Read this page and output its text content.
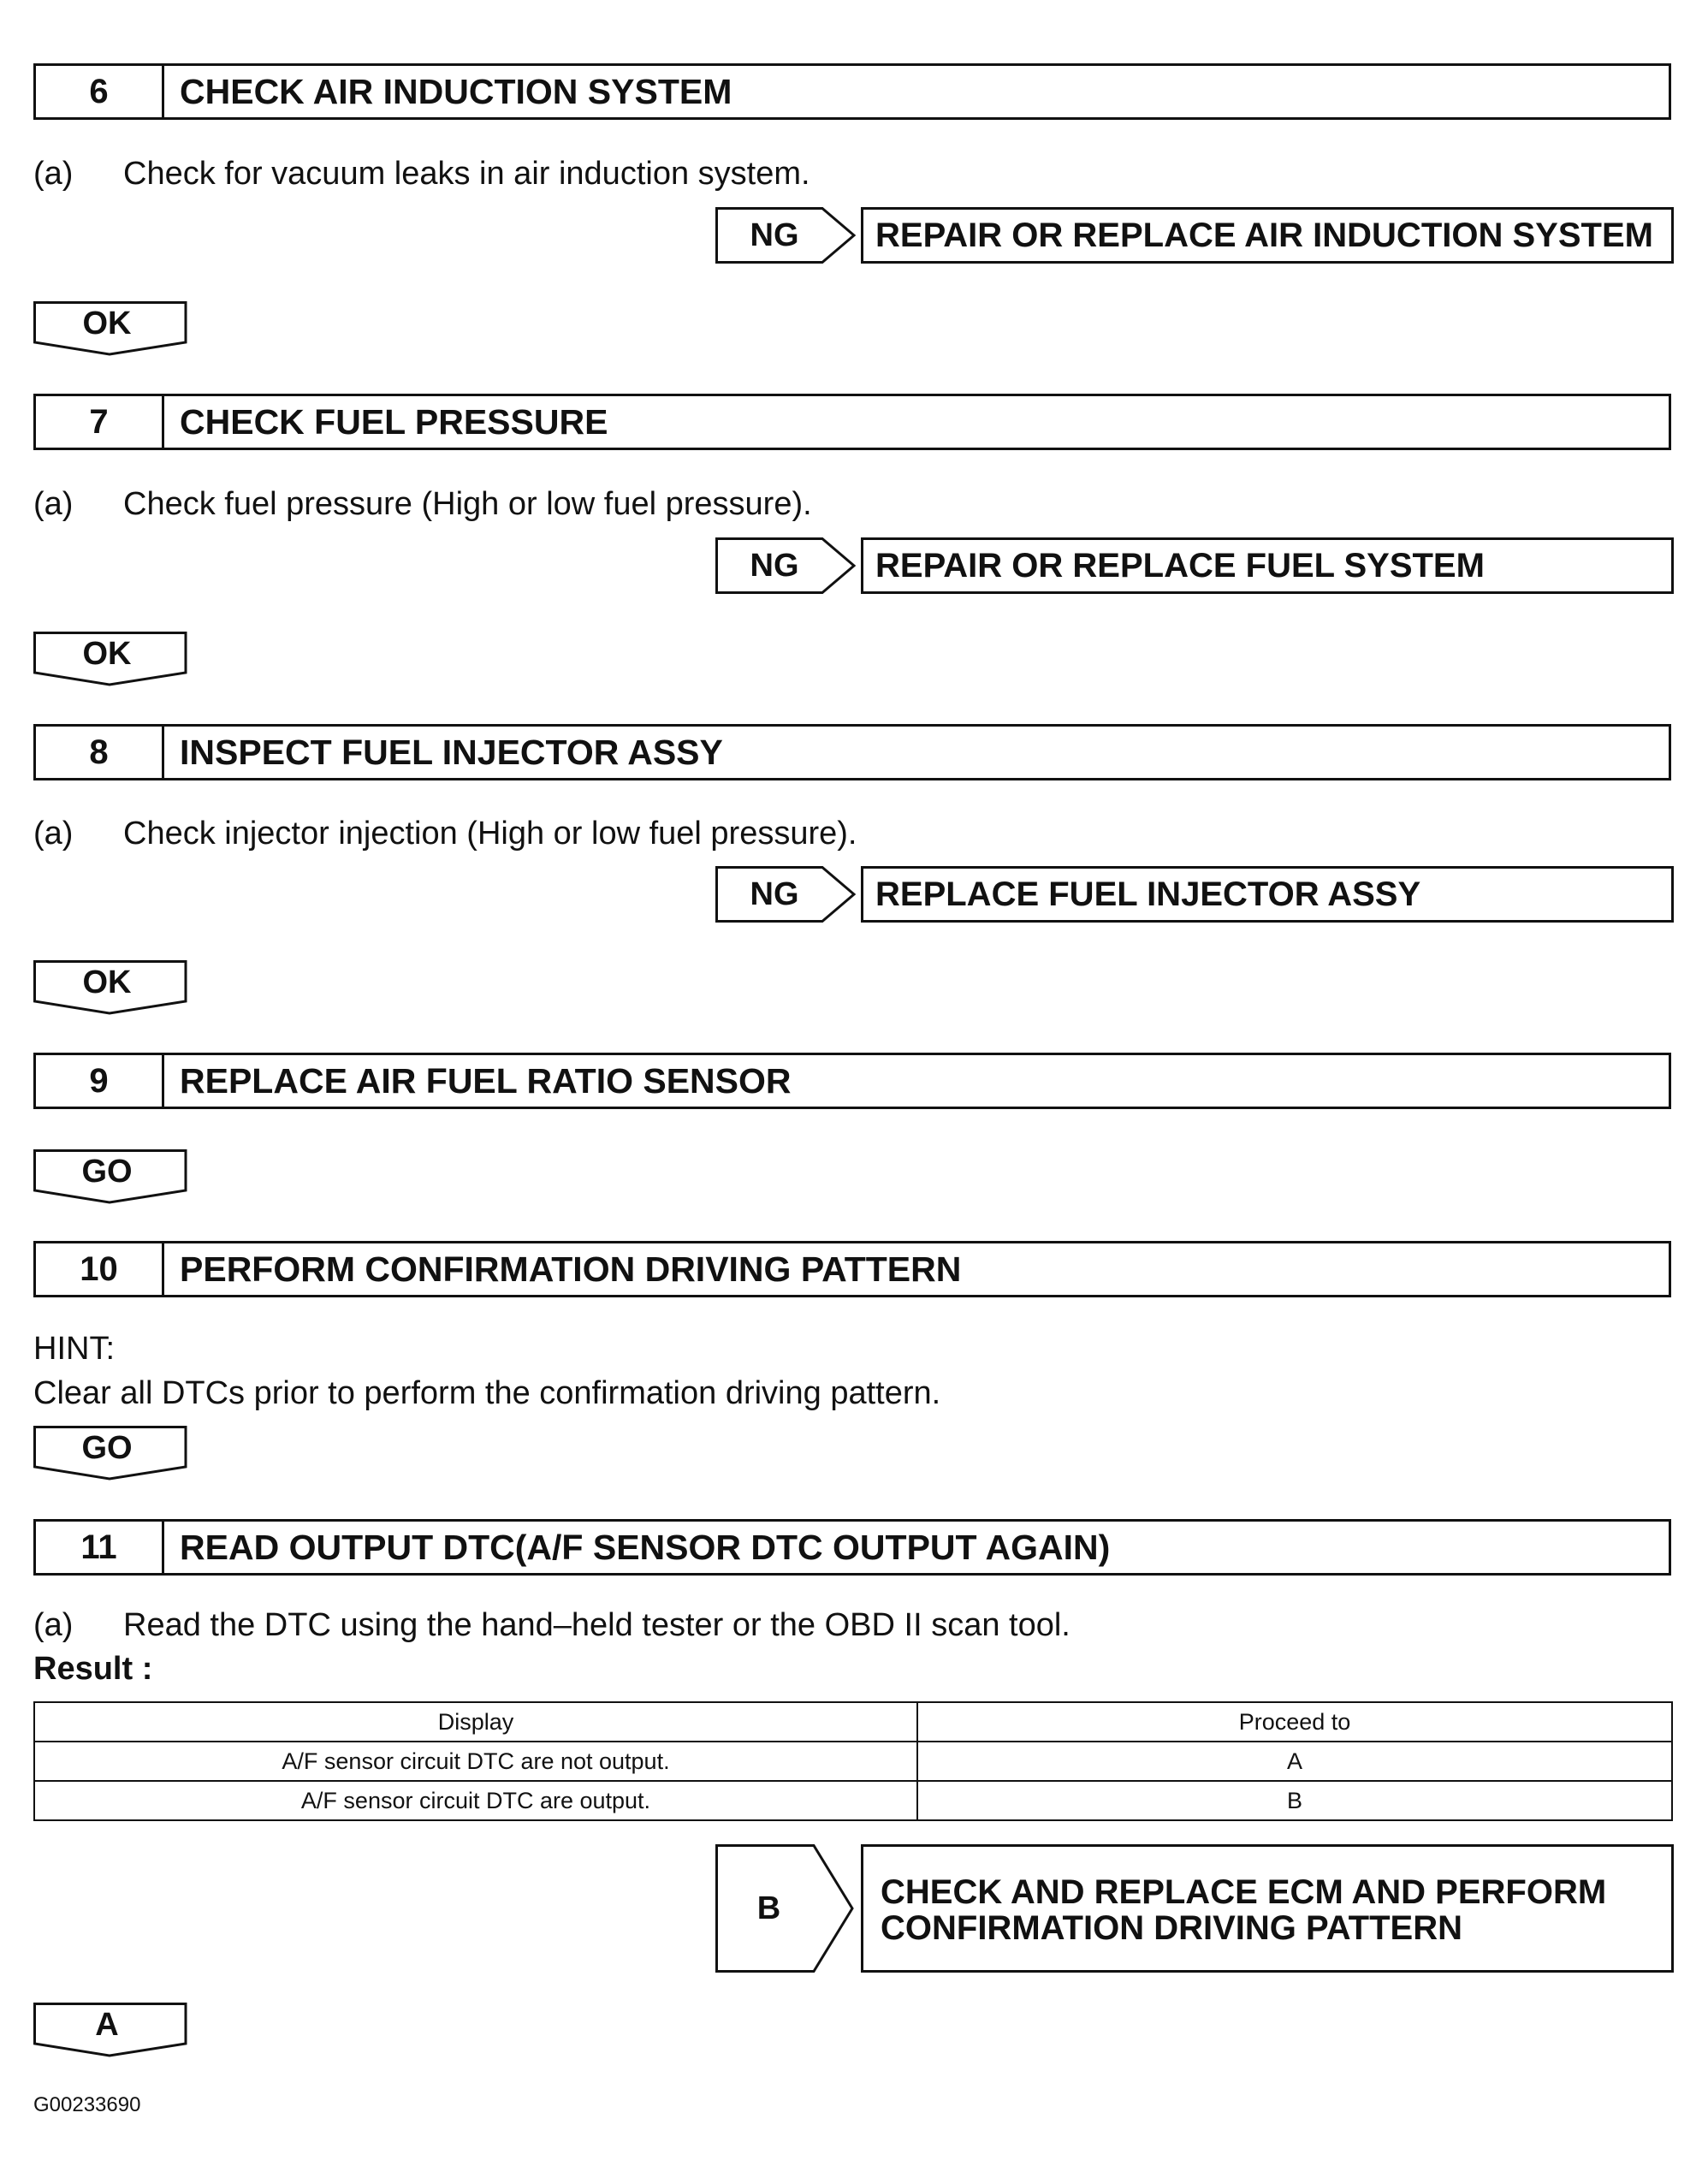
6	CHECK AIR INDUCTION SYSTEM
(a) Check for vacuum leaks in air induction system.
NG	REPAIR OR REPLACE AIR INDUCTION SYSTEM
OK
7	CHECK FUEL PRESSURE
(a) Check fuel pressure (High or low fuel pressure).
NG	REPAIR OR REPLACE FUEL SYSTEM
OK
8	INSPECT FUEL INJECTOR ASSY
(a) Check injector injection (High or low fuel pressure).
NG	REPLACE FUEL INJECTOR ASSY
OK
9	REPLACE AIR FUEL RATIO SENSOR
GO
10	PERFORM CONFIRMATION DRIVING PATTERN
HINT:
Clear all DTCs prior to perform the confirmation driving pattern.
GO
11	READ OUTPUT DTC(A/F SENSOR DTC OUTPUT AGAIN)
(a) Read the DTC using the hand–held tester or the OBD II scan tool.
Result :
Display	Proceed to
A/F sensor circuit DTC are not output.	A
A/F sensor circuit DTC are output.	B
B	CHECK AND REPLACE ECM AND PERFORM
CONFIRMATION DRIVING PATTERN
A
G00233690
